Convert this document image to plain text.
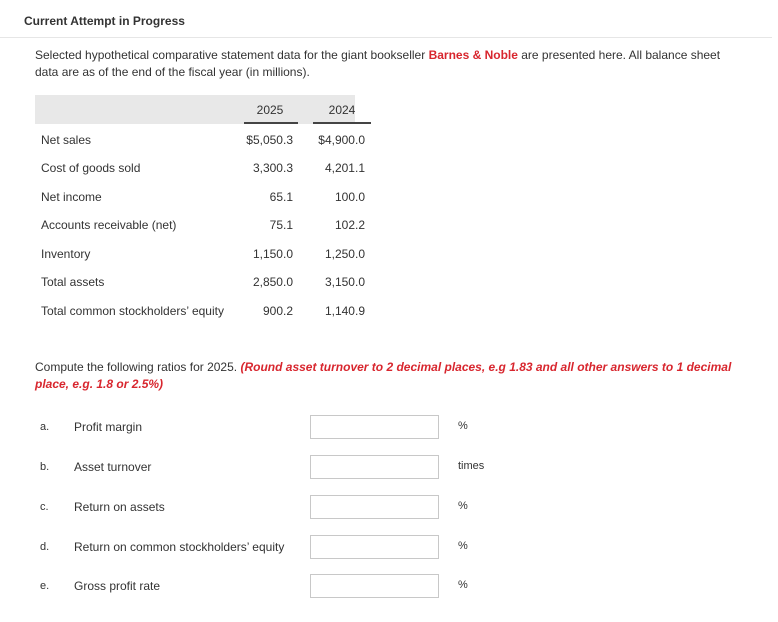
Current Attempt in Progress
Selected hypothetical comparative statement data for the giant bookseller Barnes & Noble are presented here. All balance sheet data are as of the end of the fiscal year (in millions).
2025	2024
Net sales	$5,050.3	$4,900.0
Cost of goods sold	3,300.3	4,201.1
Net income	65.1	100.0
Accounts receivable (net)	75.1	102.2
Inventory	1,150.0	1,250.0
Total assets	2,850.0	3,150.0
Total common stockholders’ equity	900.2	1,140.9
Compute the following ratios for 2025. (Round asset turnover to 2 decimal places, e.g 1.83 and all other answers to 1 decimal place, e.g. 1.8 or 2.5%)
a. Profit margin	%
b. Asset turnover	times
c. Return on assets	%
d. Return on common stockholders’ equity	%
e. Gross profit rate	%
